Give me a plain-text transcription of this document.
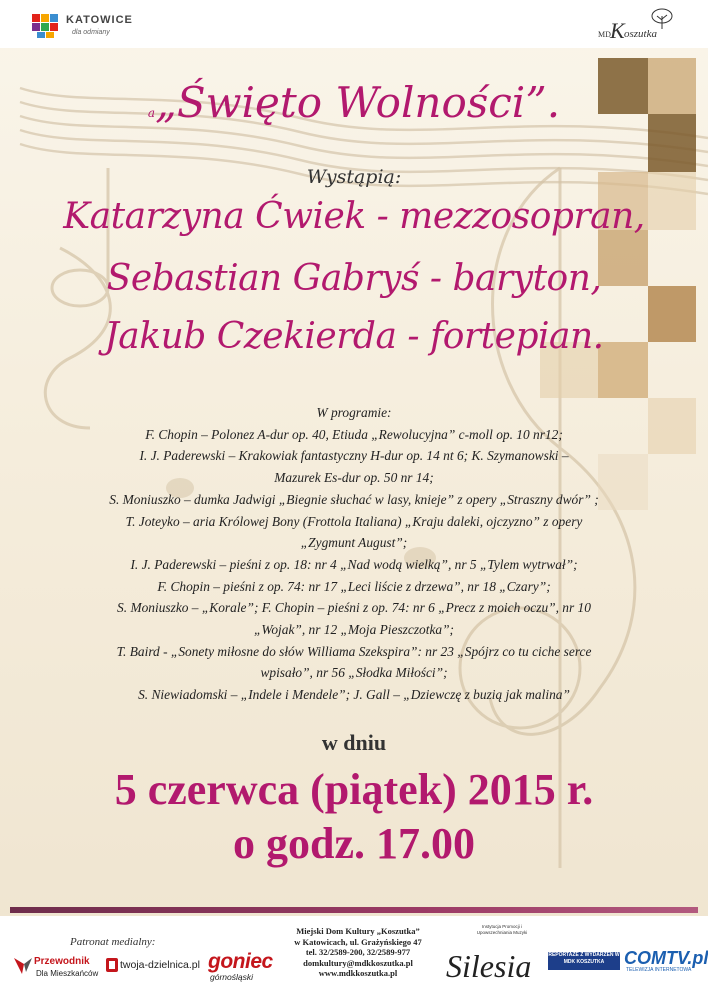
KATOWICE
dla odmiany	MD K oszutka
a„Święto Wolności”.
Wystąpią:
Katarzyna Ćwiek - mezzosopran,
Sebastian Gabryś - baryton,
Jakub Czekierda - fortepian.
W programie:
F. Chopin – Polonez A-dur op. 40, Etiuda „Rewolucyjna” c-moll op. 10 nr12;
I. J. Paderewski – Krakowiak fantastyczny H-dur op. 14 nt 6; K. Szymanowski –
Mazurek Es-dur op. 50 nr 14;
S. Moniuszko – dumka Jadwigi „Biegnie słuchać w lasy, knieje” z opery „Straszny dwór” ;
T. Joteyko – aria Królowej Bony (Frottola Italiana) „Kraju daleki, ojczyzno” z opery
„Zygmunt August”;
I. J. Paderewski – pieśni z op. 18: nr 4 „Nad wodą wielką”, nr 5 „Tylem wytrwał”;
F. Chopin – pieśni z op. 74: nr 17 „Leci liście z drzewa”, nr 18 „Czary”;
S. Moniuszko – „Korale”; F. Chopin – pieśni z op. 74: nr 6 „Precz z moich oczu”, nr 10
„Wojak”, nr 12 „Moja Pieszczotka”;
T. Baird - „Sonety miłosne do słów Williama Szekspira”: nr 23 „Spójrz co tu ciche serce
wpisało”, nr 56 „Słodka Miłości”;
S. Niewiadomski – „Indele i Mendele”; J. Gall – „Dziewczę z buzią jak malina”
w dniu
5 czerwca (piątek) 2015 r.
o godz. 17.00
Patronat medialny:
Przewodnik
Dla Mieszkańców
twoja-dzielnica.pl goniec
górnośląski
Miejski Dom Kultury „Koszutka”
w Katowicach, ul. Grażyńskiego 47
tel. 32/2589-200, 32/2589-977
domkultury@mdkkoszutka.pl
www.mdkkoszutka.pl
Instytucja Promocji i Upowszechniania Muzyki
Silesia	REPORTAŻE Z WYDARZEŃ W MDK KOSZUTKA	COMTV.pl
TELEWIZJA INTERNETOWA
